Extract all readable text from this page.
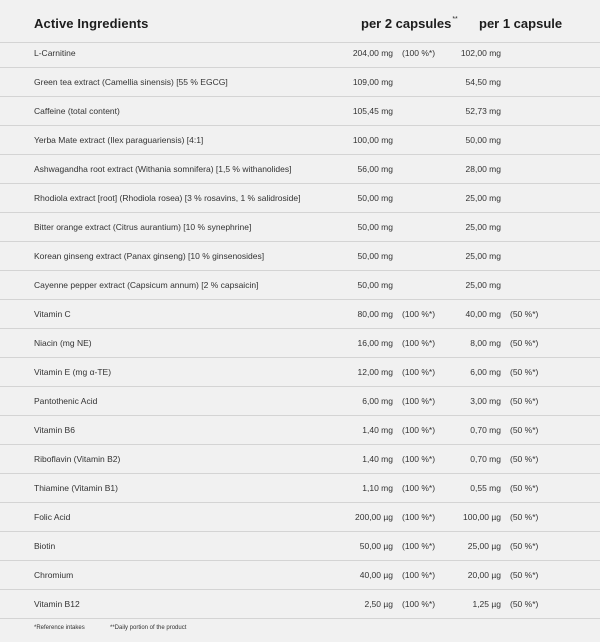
Active Ingredients	per 2 capsules** per 1 capsule
L-Carnitine	204,00 mg (100 %*)	102,00 mg
Green tea extract (Camellia sinensis) [55 % EGCG]	109,00 mg	54,50 mg
Caffeine (total content)	105,45 mg	52,73 mg
Yerba Mate extract (Ilex paraguariensis) [4:1]	100,00 mg	50,00 mg
Ashwagandha root extract (Withania somnifera) [1,5 % withanolides]	56,00 mg	28,00 mg
Rhodiola extract [root] (Rhodiola rosea) [3 % rosavins, 1 % salidroside]	50,00 mg	25,00 mg
Bitter orange extract (Citrus aurantium) [10 % synephrine]	50,00 mg	25,00 mg
Korean ginseng extract (Panax ginseng) [10 % ginsenosides]	50,00 mg	25,00 mg
Cayenne pepper extract (Capsicum annum) [2 % capsaicin]	50,00 mg	25,00 mg
Vitamin C	80,00 mg (100 %*)	40,00 mg (50 %*)
Niacin (mg NE)	16,00 mg (100 %*)	8,00 mg (50 %*)
Vitamin E (mg α-TE)	12,00 mg (100 %*)	6,00 mg (50 %*)
Pantothenic Acid	6,00 mg (100 %*)	3,00 mg (50 %*)
Vitamin B6	1,40 mg (100 %*)	0,70 mg (50 %*)
Riboflavin (Vitamin B2)	1,40 mg (100 %*)	0,70 mg (50 %*)
Thiamine (Vitamin B1)	1,10 mg (100 %*)	0,55 mg (50 %*)
Folic Acid	200,00 µg (100 %*)	100,00 µg (50 %*)
Biotin	50,00 µg (100 %*)	25,00 µg (50 %*)
Chromium	40,00 µg (100 %*)	20,00 µg (50 %*)
Vitamin B12	2,50 µg (100 %*)	1,25 µg (50 %*)
*Reference intakes	**Daily portion of the product
